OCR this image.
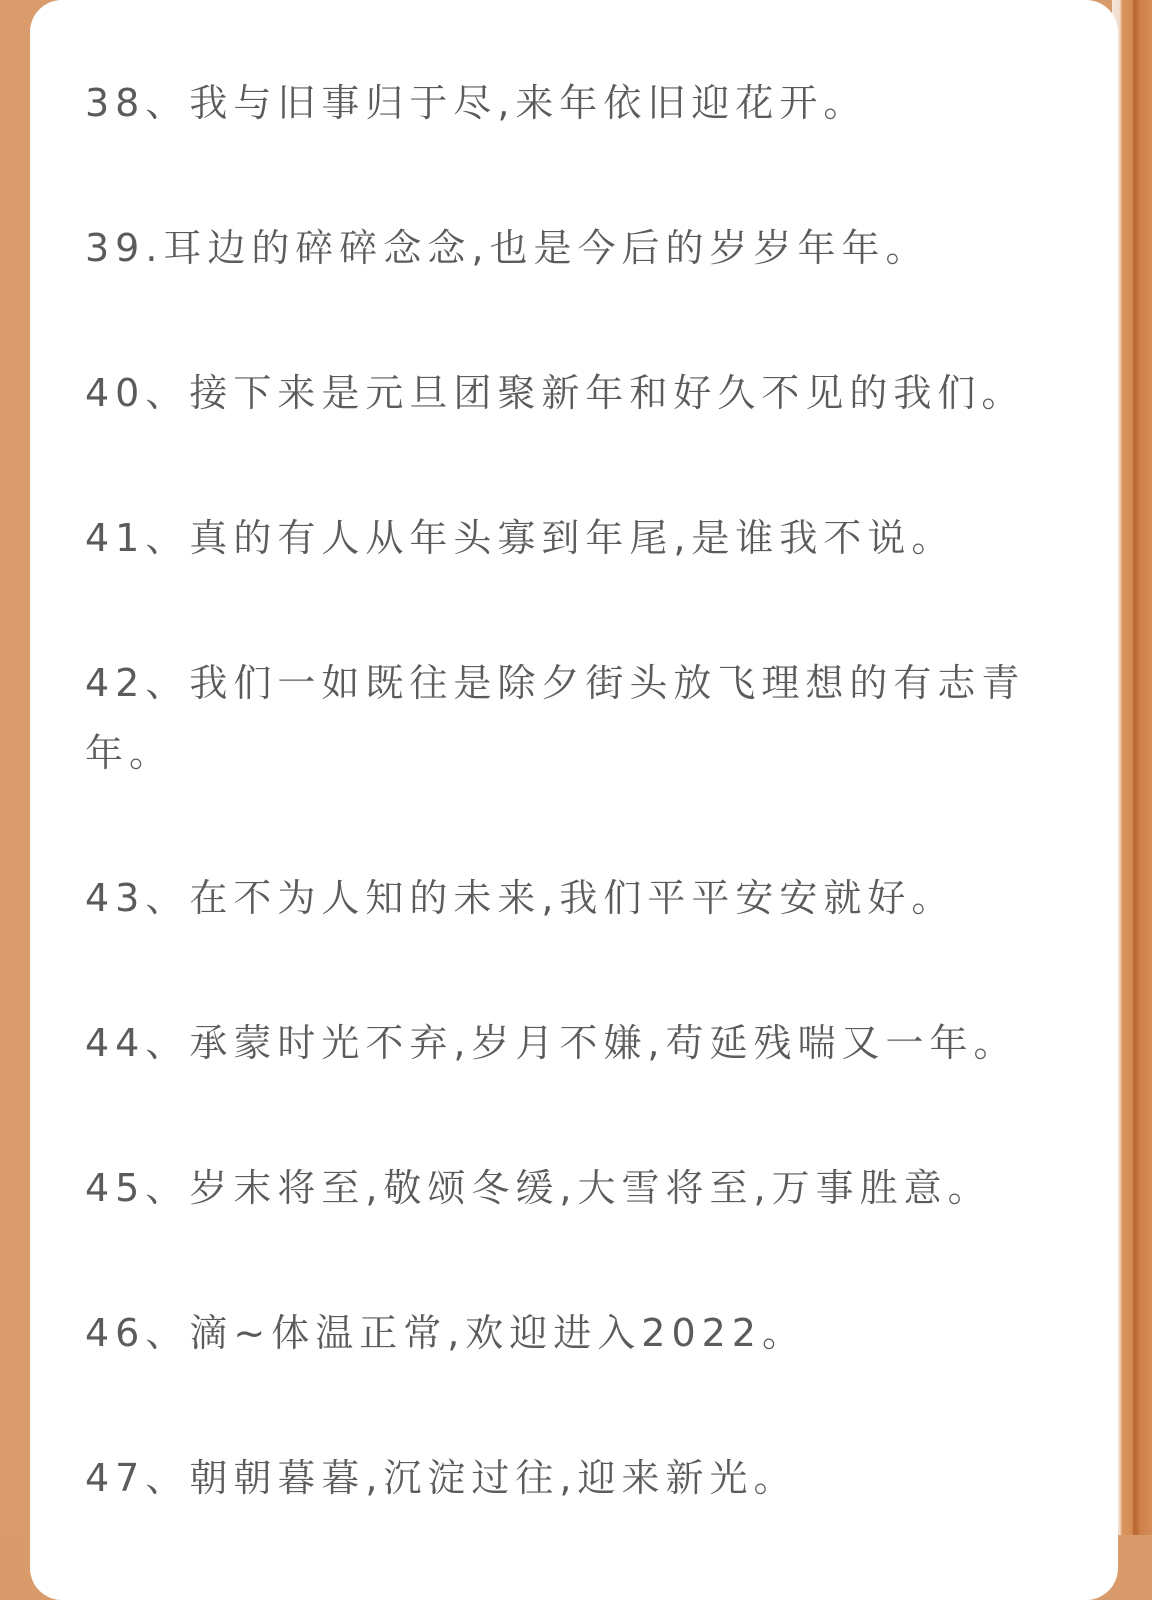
38、我与旧事归于尽,来年依旧迎花开。
39.耳边的碎碎念念,也是今后的岁岁年年。
40、接下来是元旦团聚新年和好久不见的我们。
41、真的有人从年头寡到年尾,是谁我不说。
42、我们一如既往是除夕街头放飞理想的有志青
年。
43、在不为人知的未来,我们平平安安就好。
44、承蒙时光不弃,岁月不嫌,苟延残喘又一年。
45、岁末将至,敬颂冬缓,大雪将至,万事胜意。
46、滴~体温正常,欢迎进入2022。
47、朝朝暮暮,沉淀过往,迎来新光。
